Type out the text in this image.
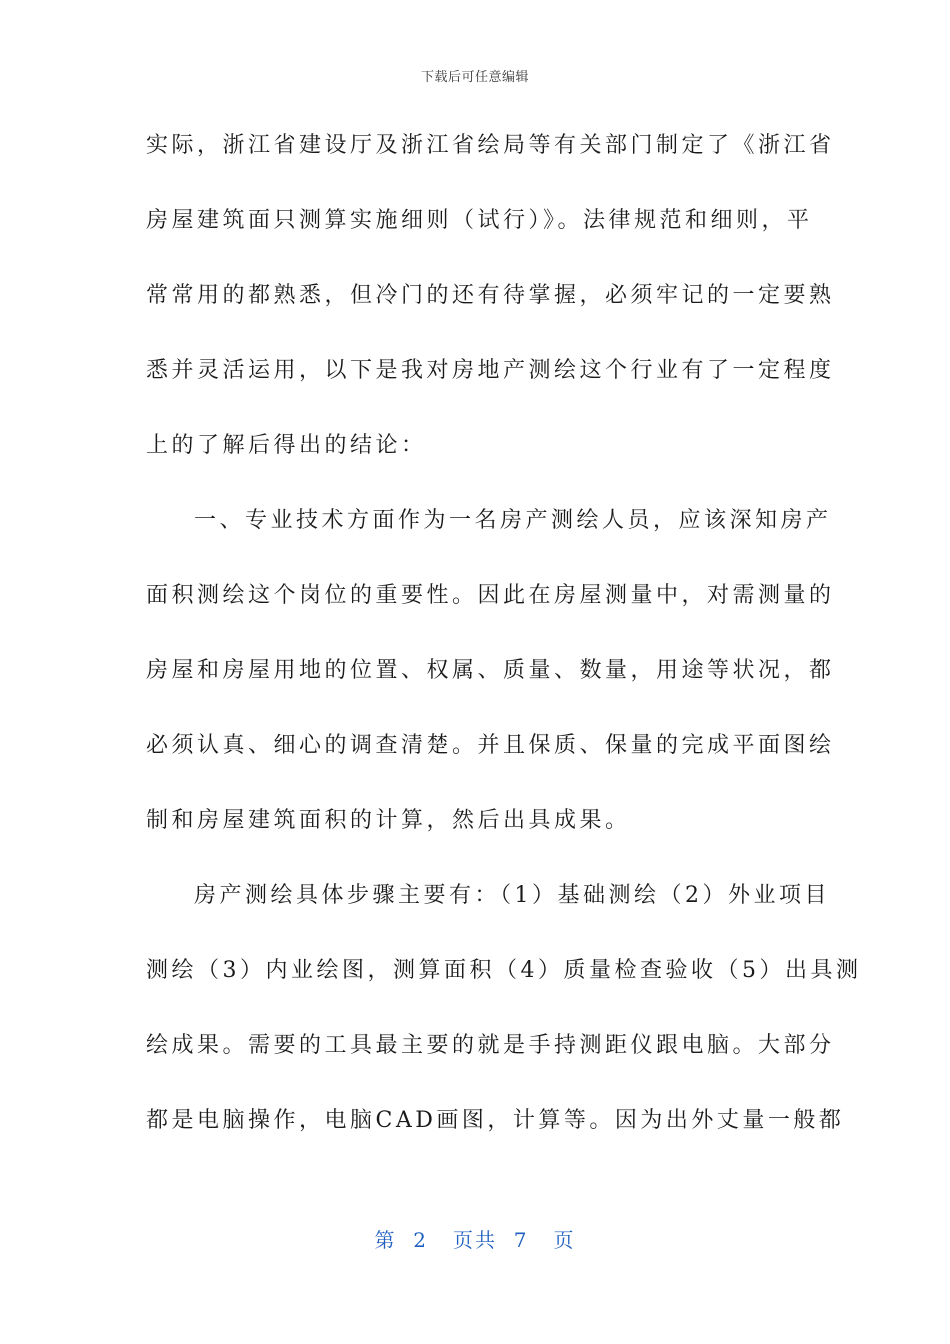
下载后可任意编辑
实际，浙江省建设厅及浙江省绘局等有关部门制定了《浙江省
房屋建筑面只测算实施细则（试行）》。法律规范和细则，平
常常用的都熟悉，但冷门的还有待掌握，必须牢记的一定要熟
悉并灵活运用，以下是我对房地产测绘这个行业有了一定程度
上的了解后得出的结论：
一、专业技术方面作为一名房产测绘人员，应该深知房产
面积测绘这个岗位的重要性。因此在房屋测量中，对需测量的
房屋和房屋用地的位置、权属、质量、数量，用途等状况，都
必须认真、细心的调查清楚。并且保质、保量的完成平面图绘
制和房屋建筑面积的计算，然后出具成果。
房产测绘具体步骤主要有：（1）基础测绘（2）外业项目
测绘（3）内业绘图，测算面积（4）质量检查验收（5）出具测
绘成果。需要的工具最主要的就是手持测距仪跟电脑。大部分
都是电脑操作，电脑CAD画图，计算等。因为出外丈量一般都
第  2   页共  7   页
